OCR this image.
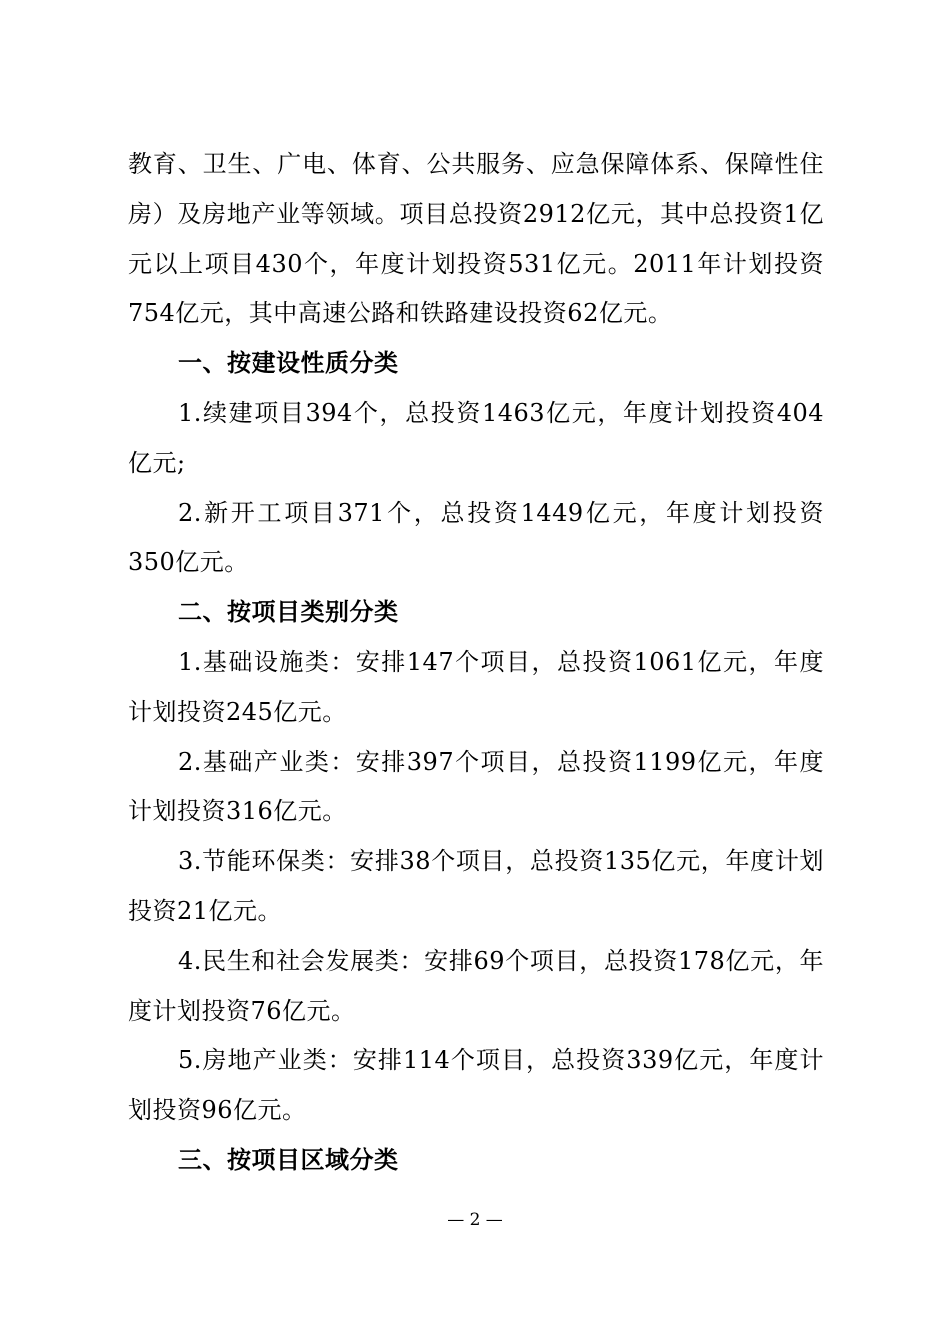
教育、卫生、广电、体育、公共服务、应急保障体系、保障性住房）及房地产业等领域。项目总投资2912亿元，其中总投资1亿元以上项目430个，年度计划投资531亿元。2011年计划投资754亿元，其中高速公路和铁路建设投资62亿元。

一、按建设性质分类

1.续建项目394个，总投资1463亿元，年度计划投资404亿元;

2.新开工项目371个，总投资1449亿元，年度计划投资350亿元。

二、按项目类别分类

1.基础设施类：安排147个项目，总投资1061亿元，年度计划投资245亿元。

2.基础产业类：安排397个项目，总投资1199亿元，年度计划投资316亿元。

3.节能环保类：安排38个项目，总投资135亿元，年度计划投资21亿元。

4.民生和社会发展类：安排69个项目，总投资178亿元，年度计划投资76亿元。

5.房地产业类：安排114个项目，总投资339亿元，年度计划投资96亿元。

三、按项目区域分类

— 2 —
